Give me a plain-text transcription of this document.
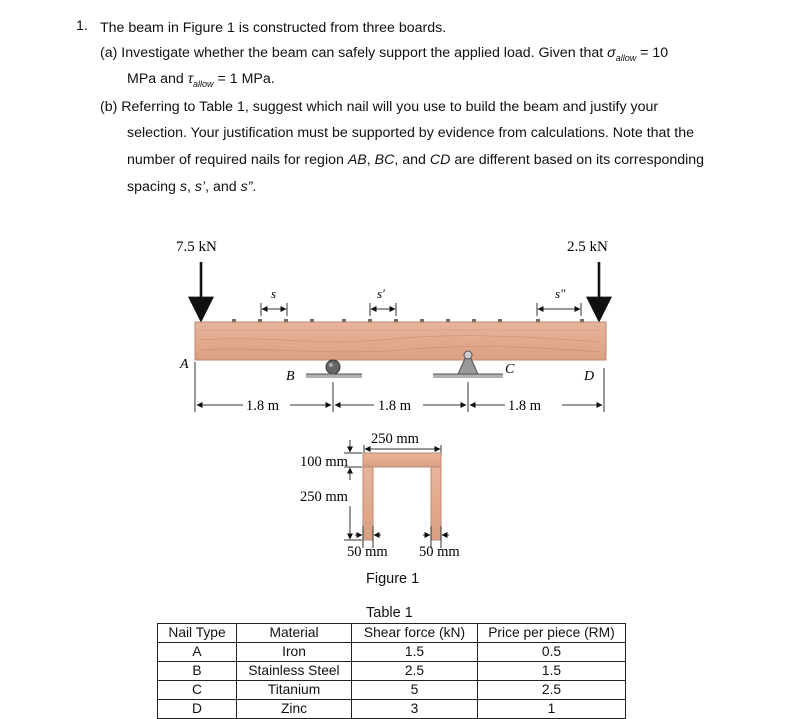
1. The beam in Figure 1 is constructed from three boards.
(a) Investigate whether the beam can safely support the applied load. Given that $\sigma_{allow} = 10$
MPa and $\tau_{allow} = 1$ MPa.
(b) Referring to Table 1, suggest which nail will you use to build the beam and justify your
selection. Your justification must be supported by evidence from calculations. Note that the
number of required nails for region AB, BC, and CD are different based on its corresponding
spacing s, s’, and s”.
7.5 kN	2.5 kN
s	s′	s″
A
B	C	D
1.8 m	1.8 m	1.8 m
250 mm
100 mm
250 mm
50 mm 50 mm
Figure 1
Table 1
Nail Type	Material	Shear force (kN)	Price per piece (RM)
A	Iron	1.5	0.5
B	Stainless Steel	2.5	1.5
C	Titanium	5	2.5
D	Zinc	3	1
